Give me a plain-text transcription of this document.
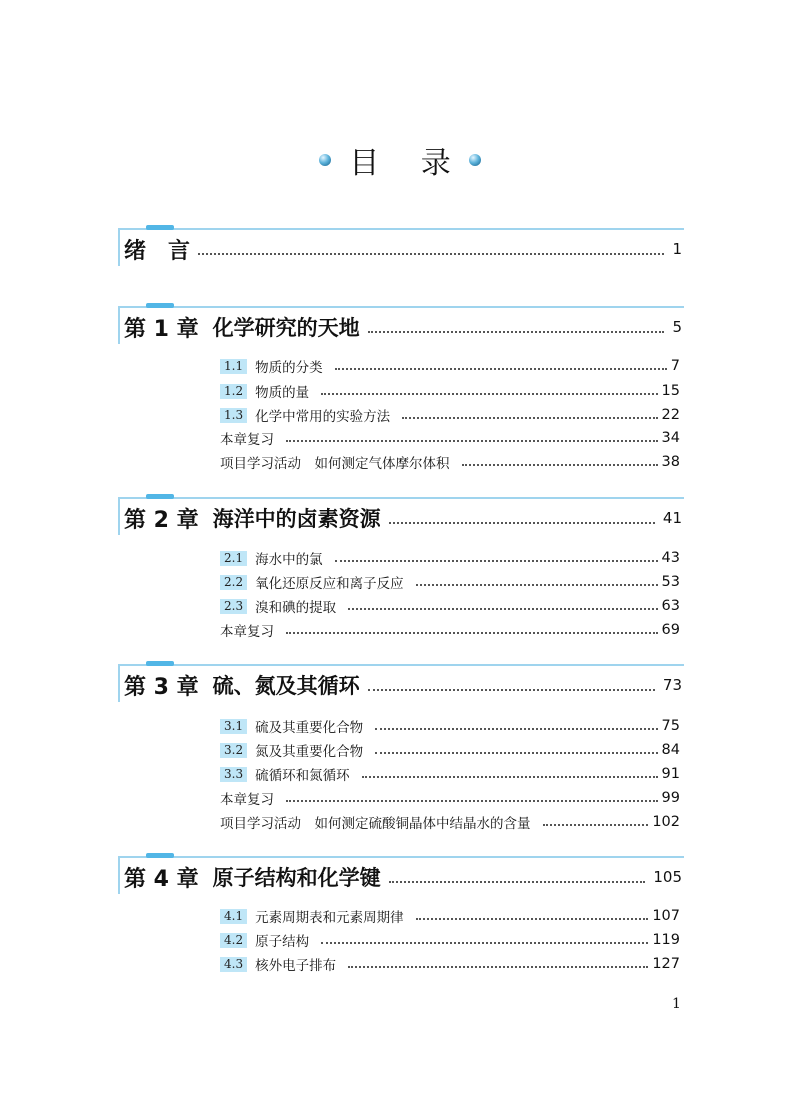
目 录
绪　言	1
第 1 章 化学研究的天地	5
1.1 物质的分类	7
1.2 物质的量	15
1.3 化学中常用的实验方法	22
本章复习	34
项目学习活动　如何测定气体摩尔体积	38
第 2 章 海洋中的卤素资源	41
2.1 海水中的氯	43
2.2 氧化还原反应和离子反应	53
2.3 溴和碘的提取	63
本章复习	69
第 3 章 硫、氮及其循环	73
3.1 硫及其重要化合物	75
3.2 氮及其重要化合物	84
3.3 硫循环和氮循环	91
本章复习	99
项目学习活动　如何测定硫酸铜晶体中结晶水的含量	102
第 4 章 原子结构和化学键	105
4.1 元素周期表和元素周期律	107
4.2 原子结构	119
4.3 核外电子排布	127
1
